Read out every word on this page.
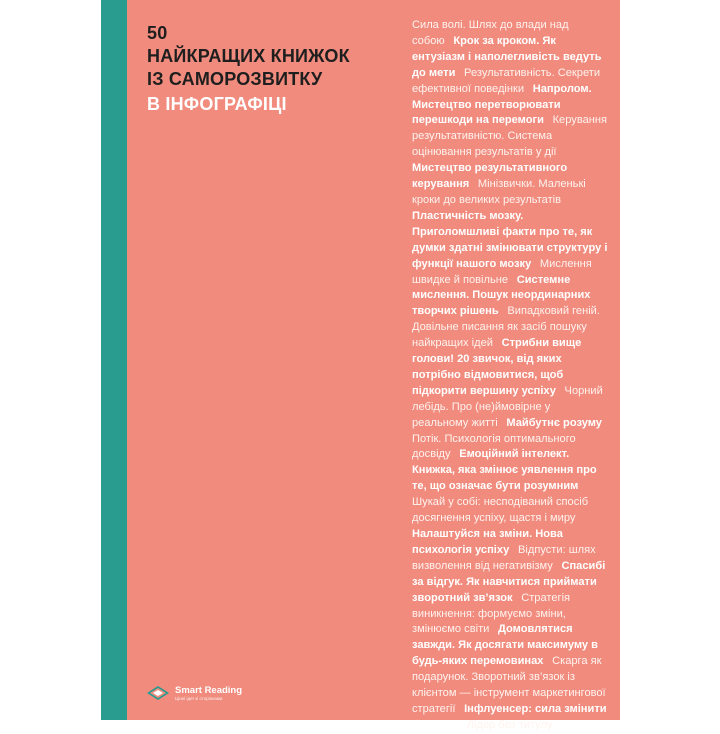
50
НАЙКРАЩИХ КНИЖОК
ІЗ САМОРОЗВИТКУ
В ІНФОГРАФІЦІ
Сила волі. Шлях до влади над собою  Крок за кроком. Як ентузіазм і наполегливість ведуть до мети  Результативність. Секрети ефективної поведінки  Напролом. Мистецтво перетворювати перешкоди на перемоги  Керування результативністю. Система оцінювання результатів у дії  Мистецтво результативного керування  Мінізвички. Маленькі кроки до великих результатів  Пластичність мозку. Приголомшливі факти про те, як думки здатні змінювати структуру і функції нашого мозку  Мислення швидке й повільне  Системне мислення. Пошук неординарних творчих рішень  Випадковий геній. Довільне писання як засіб пошуку найкращих ідей  Стрибни вище голови! 20 звичок, від яких потрібно відмовитися, щоб підкорити вершину успіху  Чорний лебідь. Про (не)ймовірне у реальному житті  Майбутнє розуму  Потік. Психологія оптимального досвіду  Емоційний інтелект. Книжка, яка змінює уявлення про те, що означає бути розумним  Шукай у собі: несподіваний спосіб досягнення успіху, щастя і миру  Налаштуйся на зміни. Нова психологія успіху  Відпусти: шлях визволення від негативізму  Спасибі за відгук. Як навчитися приймати зворотний зв’язок  Стратегія виникнення: формуємо зміни, змінюємо світи  Домовлятися завжди. Як досягати максимуму в будь-яких перемовинах  Скарга як подарунок. Зворотний зв’язок із клієнтом — інструмент маркетингової стратегії  Інфлуенсер: сила змінити будь-що  Лідер без титулу
Smart Reading
Цінні ідеї зі сторінками
